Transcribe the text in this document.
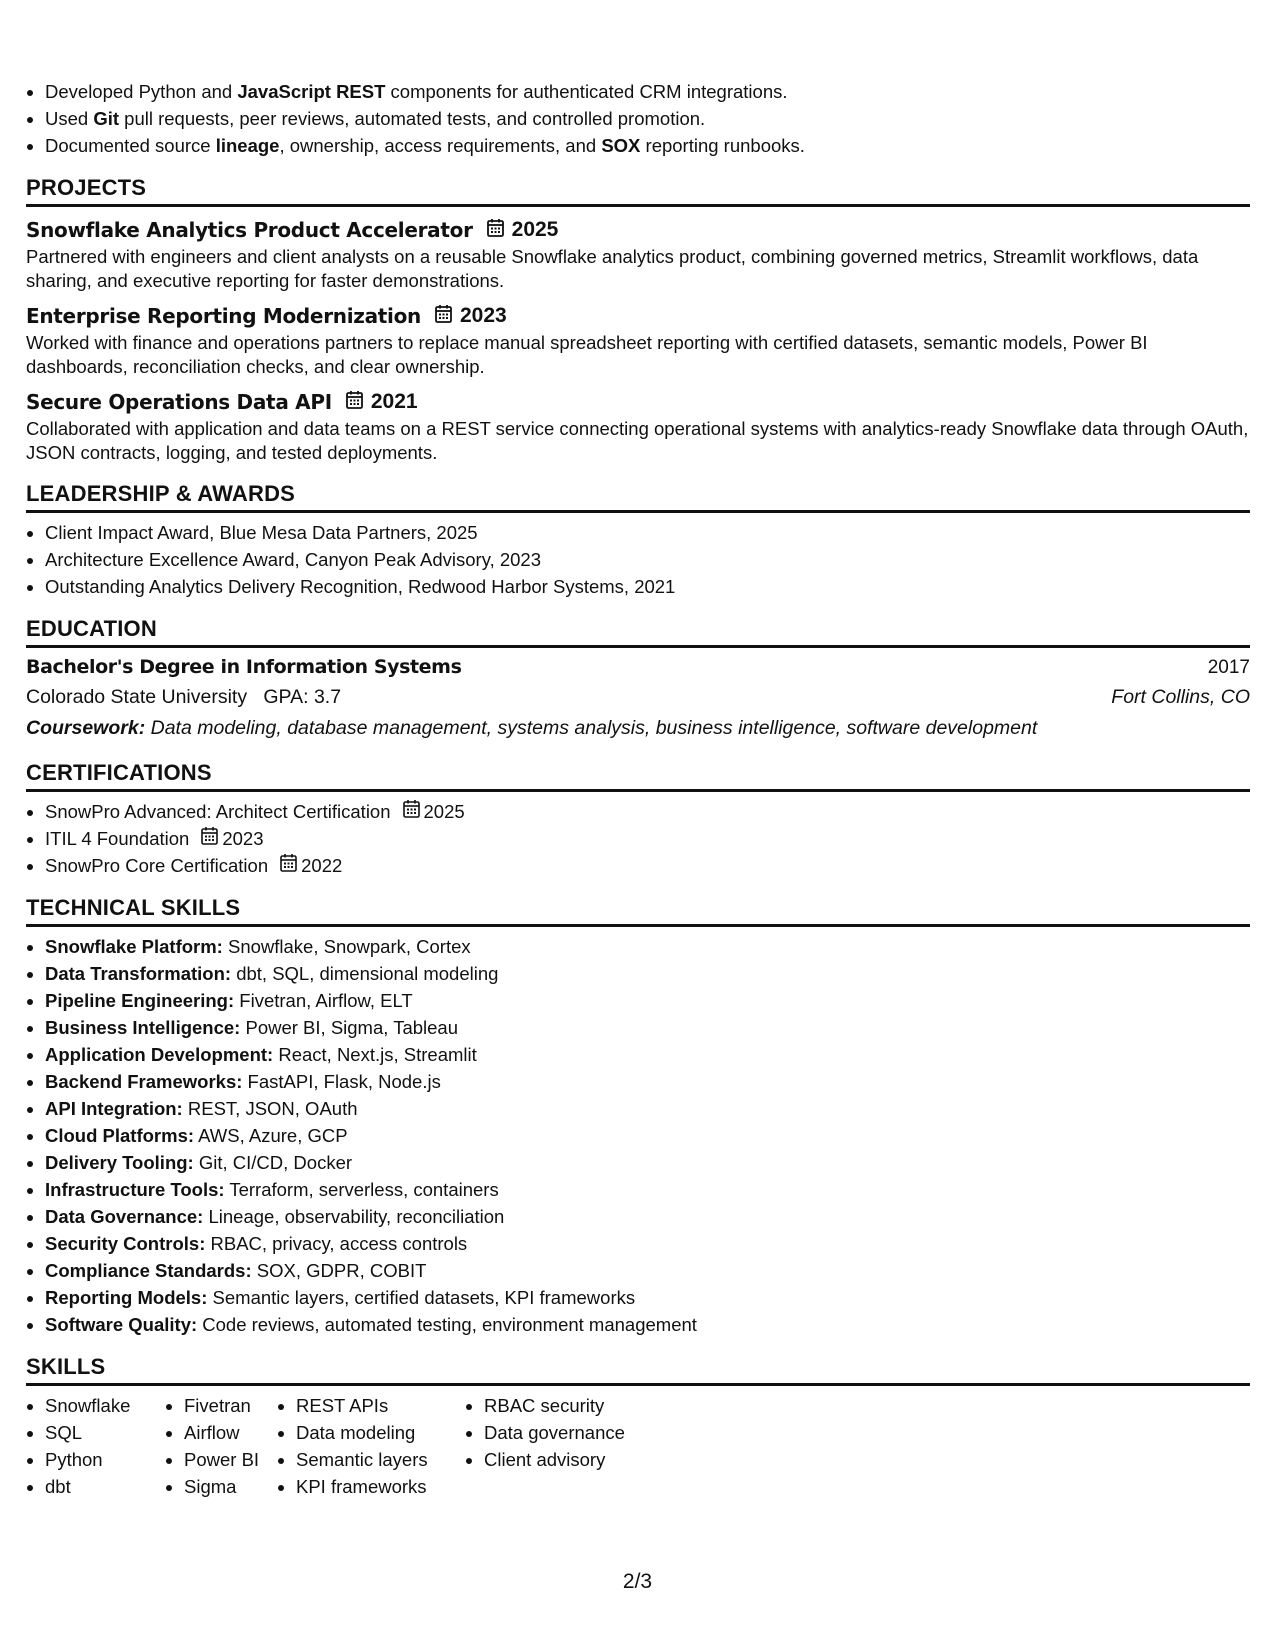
• Developed Python and JavaScript REST components for authenticated CRM integrations.
• Used Git pull requests, peer reviews, automated tests, and controlled promotion.
• Documented source lineage, ownership, access requirements, and SOX reporting runbooks.
PROJECTS
Snowflake Analytics Product Accelerator 2025
Partnered with engineers and client analysts on a reusable Snowflake analytics product, combining governed metrics, Streamlit workflows, data sharing, and executive reporting for faster demonstrations.
Enterprise Reporting Modernization 2023
Worked with finance and operations partners to replace manual spreadsheet reporting with certified datasets, semantic models, Power BI dashboards, reconciliation checks, and clear ownership.
Secure Operations Data API 2021
Collaborated with application and data teams on a REST service connecting operational systems with analytics-ready Snowflake data through OAuth, JSON contracts, logging, and tested deployments.
LEADERSHIP & AWARDS
• Client Impact Award, Blue Mesa Data Partners, 2025
• Architecture Excellence Award, Canyon Peak Advisory, 2023
• Outstanding Analytics Delivery Recognition, Redwood Harbor Systems, 2021
EDUCATION
Bachelor's Degree in Information Systems	2017
Colorado State University GPA: 3.7	Fort Collins, CO
Coursework: Data modeling, database management, systems analysis, business intelligence, software development
CERTIFICATIONS
• SnowPro Advanced: Architect Certification 2025
• ITIL 4 Foundation 2023
• SnowPro Core Certification 2022
TECHNICAL SKILLS
• Snowflake Platform: Snowflake, Snowpark, Cortex
• Data Transformation: dbt, SQL, dimensional modeling
• Pipeline Engineering: Fivetran, Airflow, ELT
• Business Intelligence: Power BI, Sigma, Tableau
• Application Development: React, Next.js, Streamlit
• Backend Frameworks: FastAPI, Flask, Node.js
• API Integration: REST, JSON, OAuth
• Cloud Platforms: AWS, Azure, GCP
• Delivery Tooling: Git, CI/CD, Docker
• Infrastructure Tools: Terraform, serverless, containers
• Data Governance: Lineage, observability, reconciliation
• Security Controls: RBAC, privacy, access controls
• Compliance Standards: SOX, GDPR, COBIT
• Reporting Models: Semantic layers, certified datasets, KPI frameworks
• Software Quality: Code reviews, automated testing, environment management
SKILLS
• Snowflake
• SQL
• Python
• dbt
• Fivetran
• Airflow
• Power BI
• Sigma
• REST APIs
• Data modeling
• Semantic layers
• KPI frameworks
• RBAC security
• Data governance
• Client advisory
2/3
